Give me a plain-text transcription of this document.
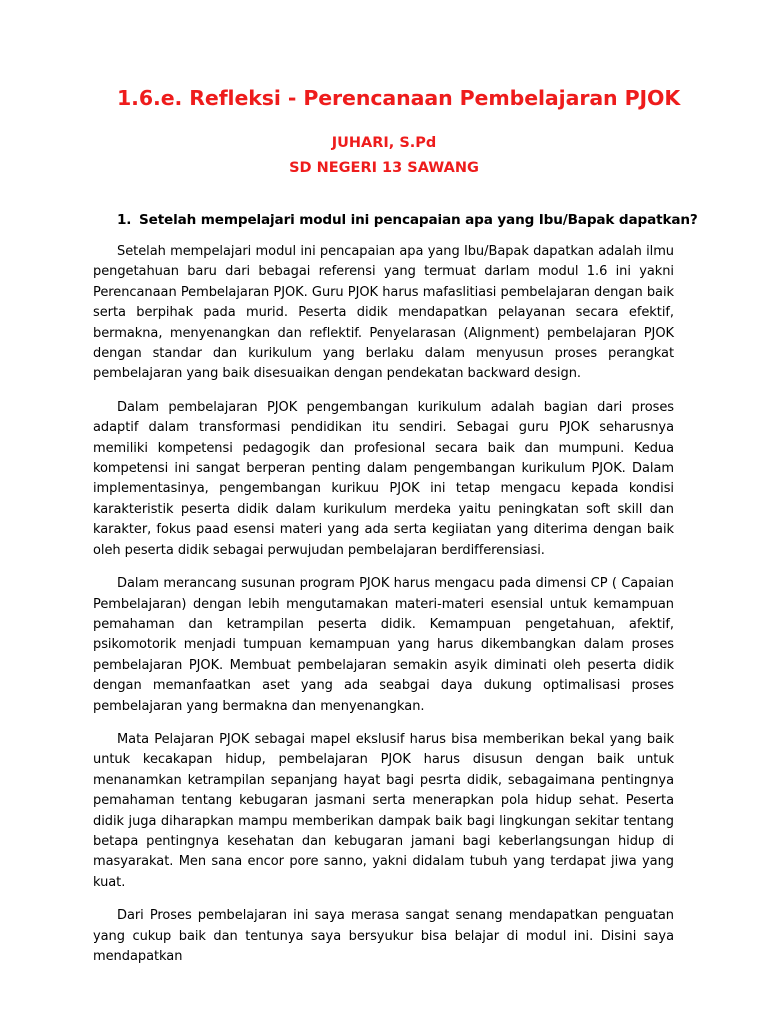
1.6.e. Refleksi - Perencanaan Pembelajaran PJOK
JUHARI, S.Pd
SD NEGERI 13 SAWANG
1. Setelah mempelajari modul ini pencapaian apa yang Ibu/Bapak dapatkan?

Setelah mempelajari modul ini pencapaian apa yang Ibu/Bapak dapatkan adalah ilmu pengetahuan baru dari bebagai referensi yang termuat darlam modul 1.6 ini yakni Perencanaan Pembelajaran PJOK. Guru PJOK harus mafaslitiasi pembelajaran dengan baik serta berpihak pada murid. Peserta didik mendapatkan pelayanan secara efektif, bermakna, menyenangkan dan reflektif. Penyelarasan (Alignment) pembelajaran PJOK dengan standar dan kurikulum yang berlaku dalam menyusun proses perangkat pembelajaran yang baik disesuaikan dengan pendekatan backward design.

Dalam pembelajaran PJOK pengembangan kurikulum adalah bagian dari proses adaptif dalam transformasi pendidikan itu sendiri. Sebagai guru PJOK seharusnya memiliki kompetensi pedagogik dan profesional secara baik dan mumpuni. Kedua kompetensi ini sangat berperan penting dalam pengembangan kurikulum PJOK. Dalam implementasinya, pengembangan kurikuu PJOK ini tetap mengacu kepada kondisi karakteristik peserta didik dalam kurikulum merdeka yaitu peningkatan soft skill dan karakter, fokus paad esensi materi yang ada serta kegiiatan yang diterima dengan baik oleh peserta didik sebagai perwujudan pembelajaran berdifferensiasi.

Dalam merancang susunan program PJOK harus mengacu pada dimensi CP ( Capaian Pembelajaran) dengan lebih mengutamakan materi-materi esensial untuk kemampuan pemahaman dan ketrampilan peserta didik. Kemampuan pengetahuan, afektif, psikomotorik menjadi tumpuan kemampuan yang harus dikembangkan dalam proses pembelajaran PJOK. Membuat pembelajaran semakin asyik diminati oleh peserta didik dengan memanfaatkan aset yang ada seabgai daya dukung optimalisasi proses pembelajaran yang bermakna dan menyenangkan.

Mata Pelajaran PJOK sebagai mapel ekslusif harus bisa memberikan bekal yang baik untuk kecakapan hidup, pembelajaran PJOK harus disusun dengan baik untuk menanamkan ketrampilan sepanjang hayat bagi pesrta didik, sebagaimana pentingnya pemahaman tentang kebugaran jasmani serta menerapkan pola hidup sehat. Peserta didik juga diharapkan mampu memberikan dampak baik bagi lingkungan sekitar tentang betapa pentingnya kesehatan dan kebugaran jamani bagi keberlangsungan hidup di masyarakat. Men sana encor pore sanno, yakni didalam tubuh yang terdapat jiwa yang kuat.

Dari Proses pembelajaran ini saya merasa sangat senang mendapatkan penguatan yang cukup baik dan tentunya saya bersyukur bisa belajar di modul ini. Disini saya mendapatkan
